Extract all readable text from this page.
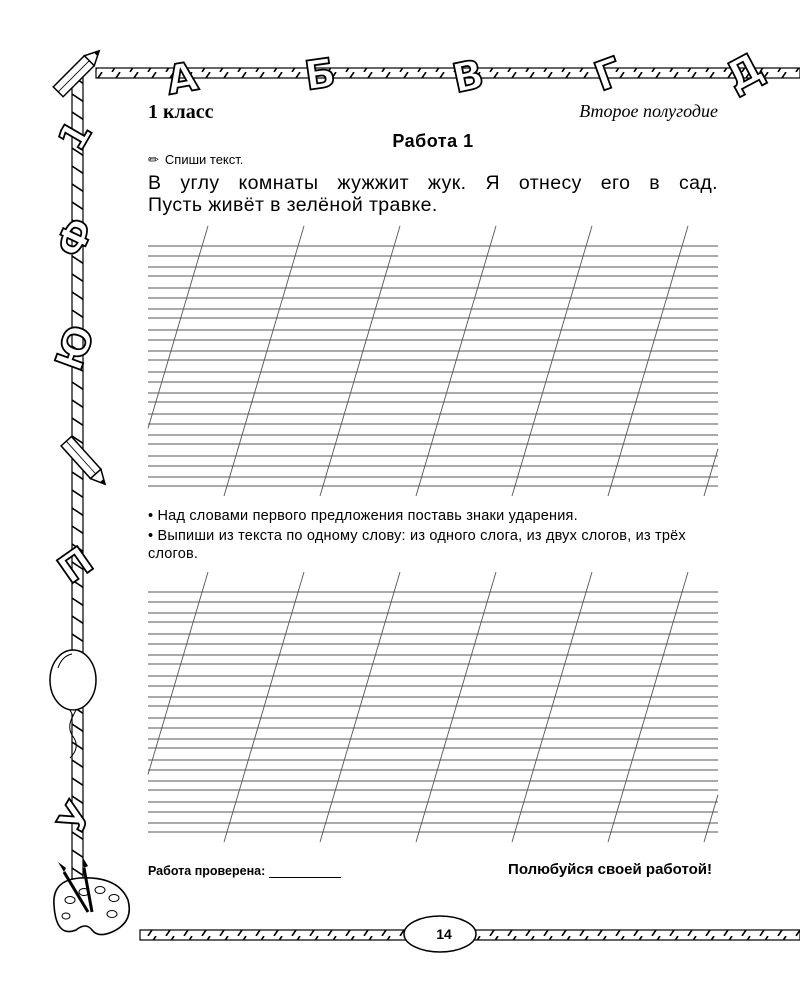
А	Б	В	Г Д
1
Ф
Ю
П
У
1 класс	Второе полугодие
Работа 1
✏ Спиши текст.
В углу комнаты жужжит жук. Я отнесу его в сад.
Пусть живёт в зелёной травке.
• Над словами первого предложения поставь знаки ударения.
• Выпиши из текста по одному слову: из одного слога, из двух слогов, из трёх слогов.
Работа проверена:	Полюбуйся своей работой!
14
